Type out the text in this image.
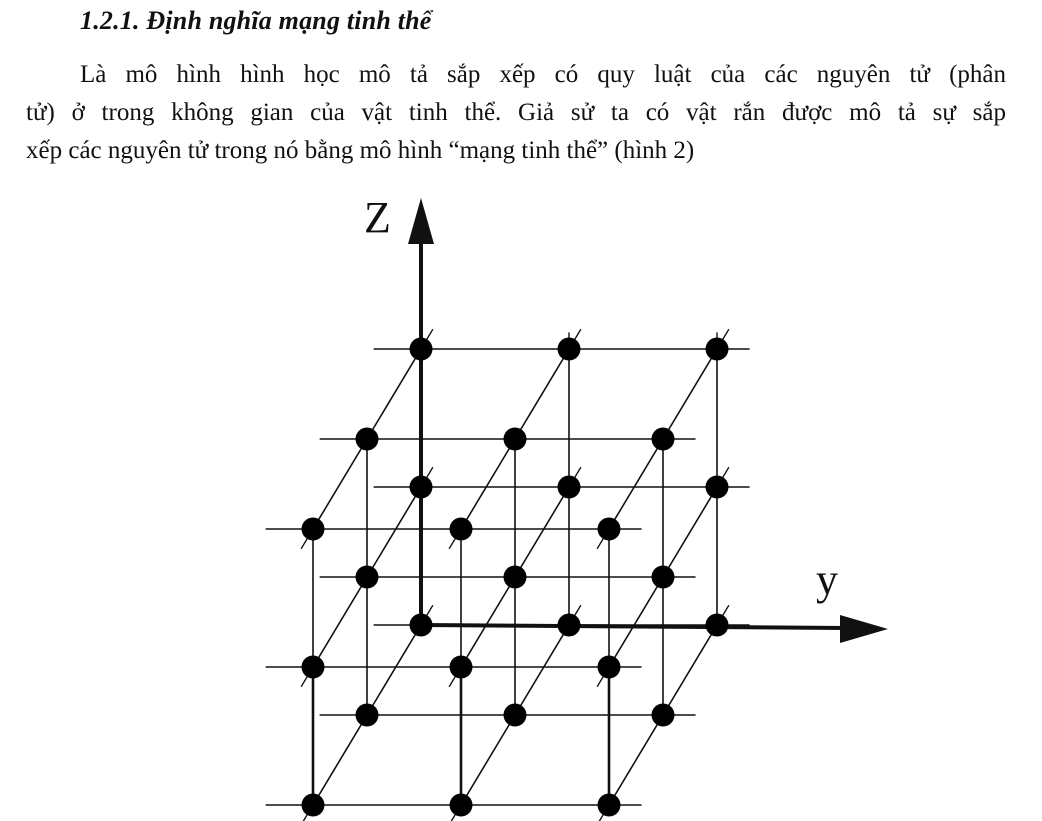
1.2.1. Định nghĩa mạng tinh thể
Là mô hình hình học mô tả sắp xếp có quy luật của các nguyên tử (phân
tử) ở trong không gian của vật tinh thể. Giả sử ta có vật rắn được mô tả sự sắp
xếp các nguyên tử trong nó bằng mô hình “mạng tinh thể” (hình 2)
Z
y
